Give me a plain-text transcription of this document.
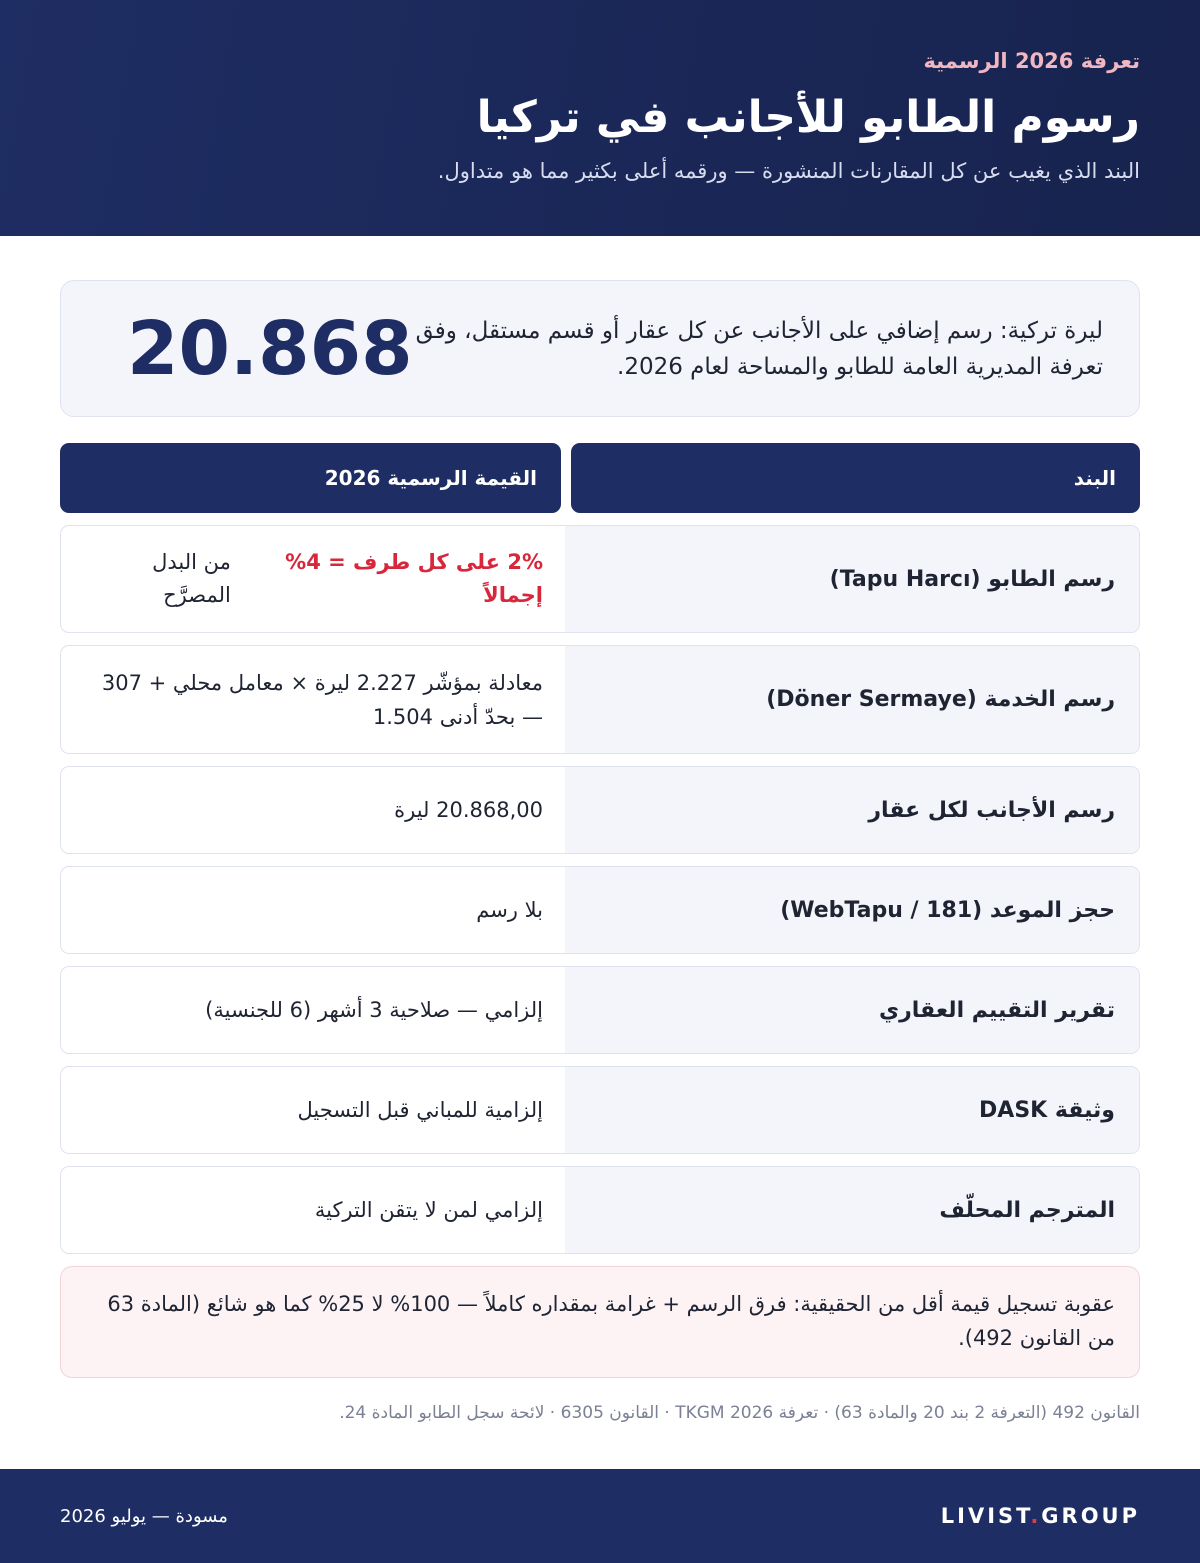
تعرفة 2026 الرسمية
رسوم الطابو للأجانب في تركيا
البند الذي يغيب عن كل المقارنات المنشورة — ورقمه أعلى بكثير مما هو متداول.
ليرة تركية: رسم إضافي على الأجانب عن كل عقار أو قسم مستقل، وفق تعرفة المديرية العامة للطابو والمساحة لعام 2026.
20.868
البند
القيمة الرسمية 2026
رسم الطابو (Tapu Harcı)
2% على كل طرف = 4% إجمالاً
من البدل المصرَّح
رسم الخدمة (Döner Sermaye)
معادلة بمؤشّر 2.227 ليرة × معامل محلي + 307 — بحدّ أدنى 1.504
رسم الأجانب لكل عقار
20.868,00 ليرة
حجز الموعد (WebTapu / 181)
بلا رسم
تقرير التقييم العقاري
إلزامي — صلاحية 3 أشهر (6 للجنسية)
وثيقة DASK
إلزامية للمباني قبل التسجيل
المترجم المحلّف
إلزامي لمن لا يتقن التركية
عقوبة تسجيل قيمة أقل من الحقيقية: فرق الرسم + غرامة بمقداره كاملاً — 100% لا 25% كما هو شائع (المادة 63 من القانون 492).
القانون 492 (التعرفة 2 بند 20 والمادة 63) · تعرفة TKGM 2026 · القانون 6305 · لائحة سجل الطابو المادة 24.
LIVIST.GROUP
مسودة — يوليو 2026
